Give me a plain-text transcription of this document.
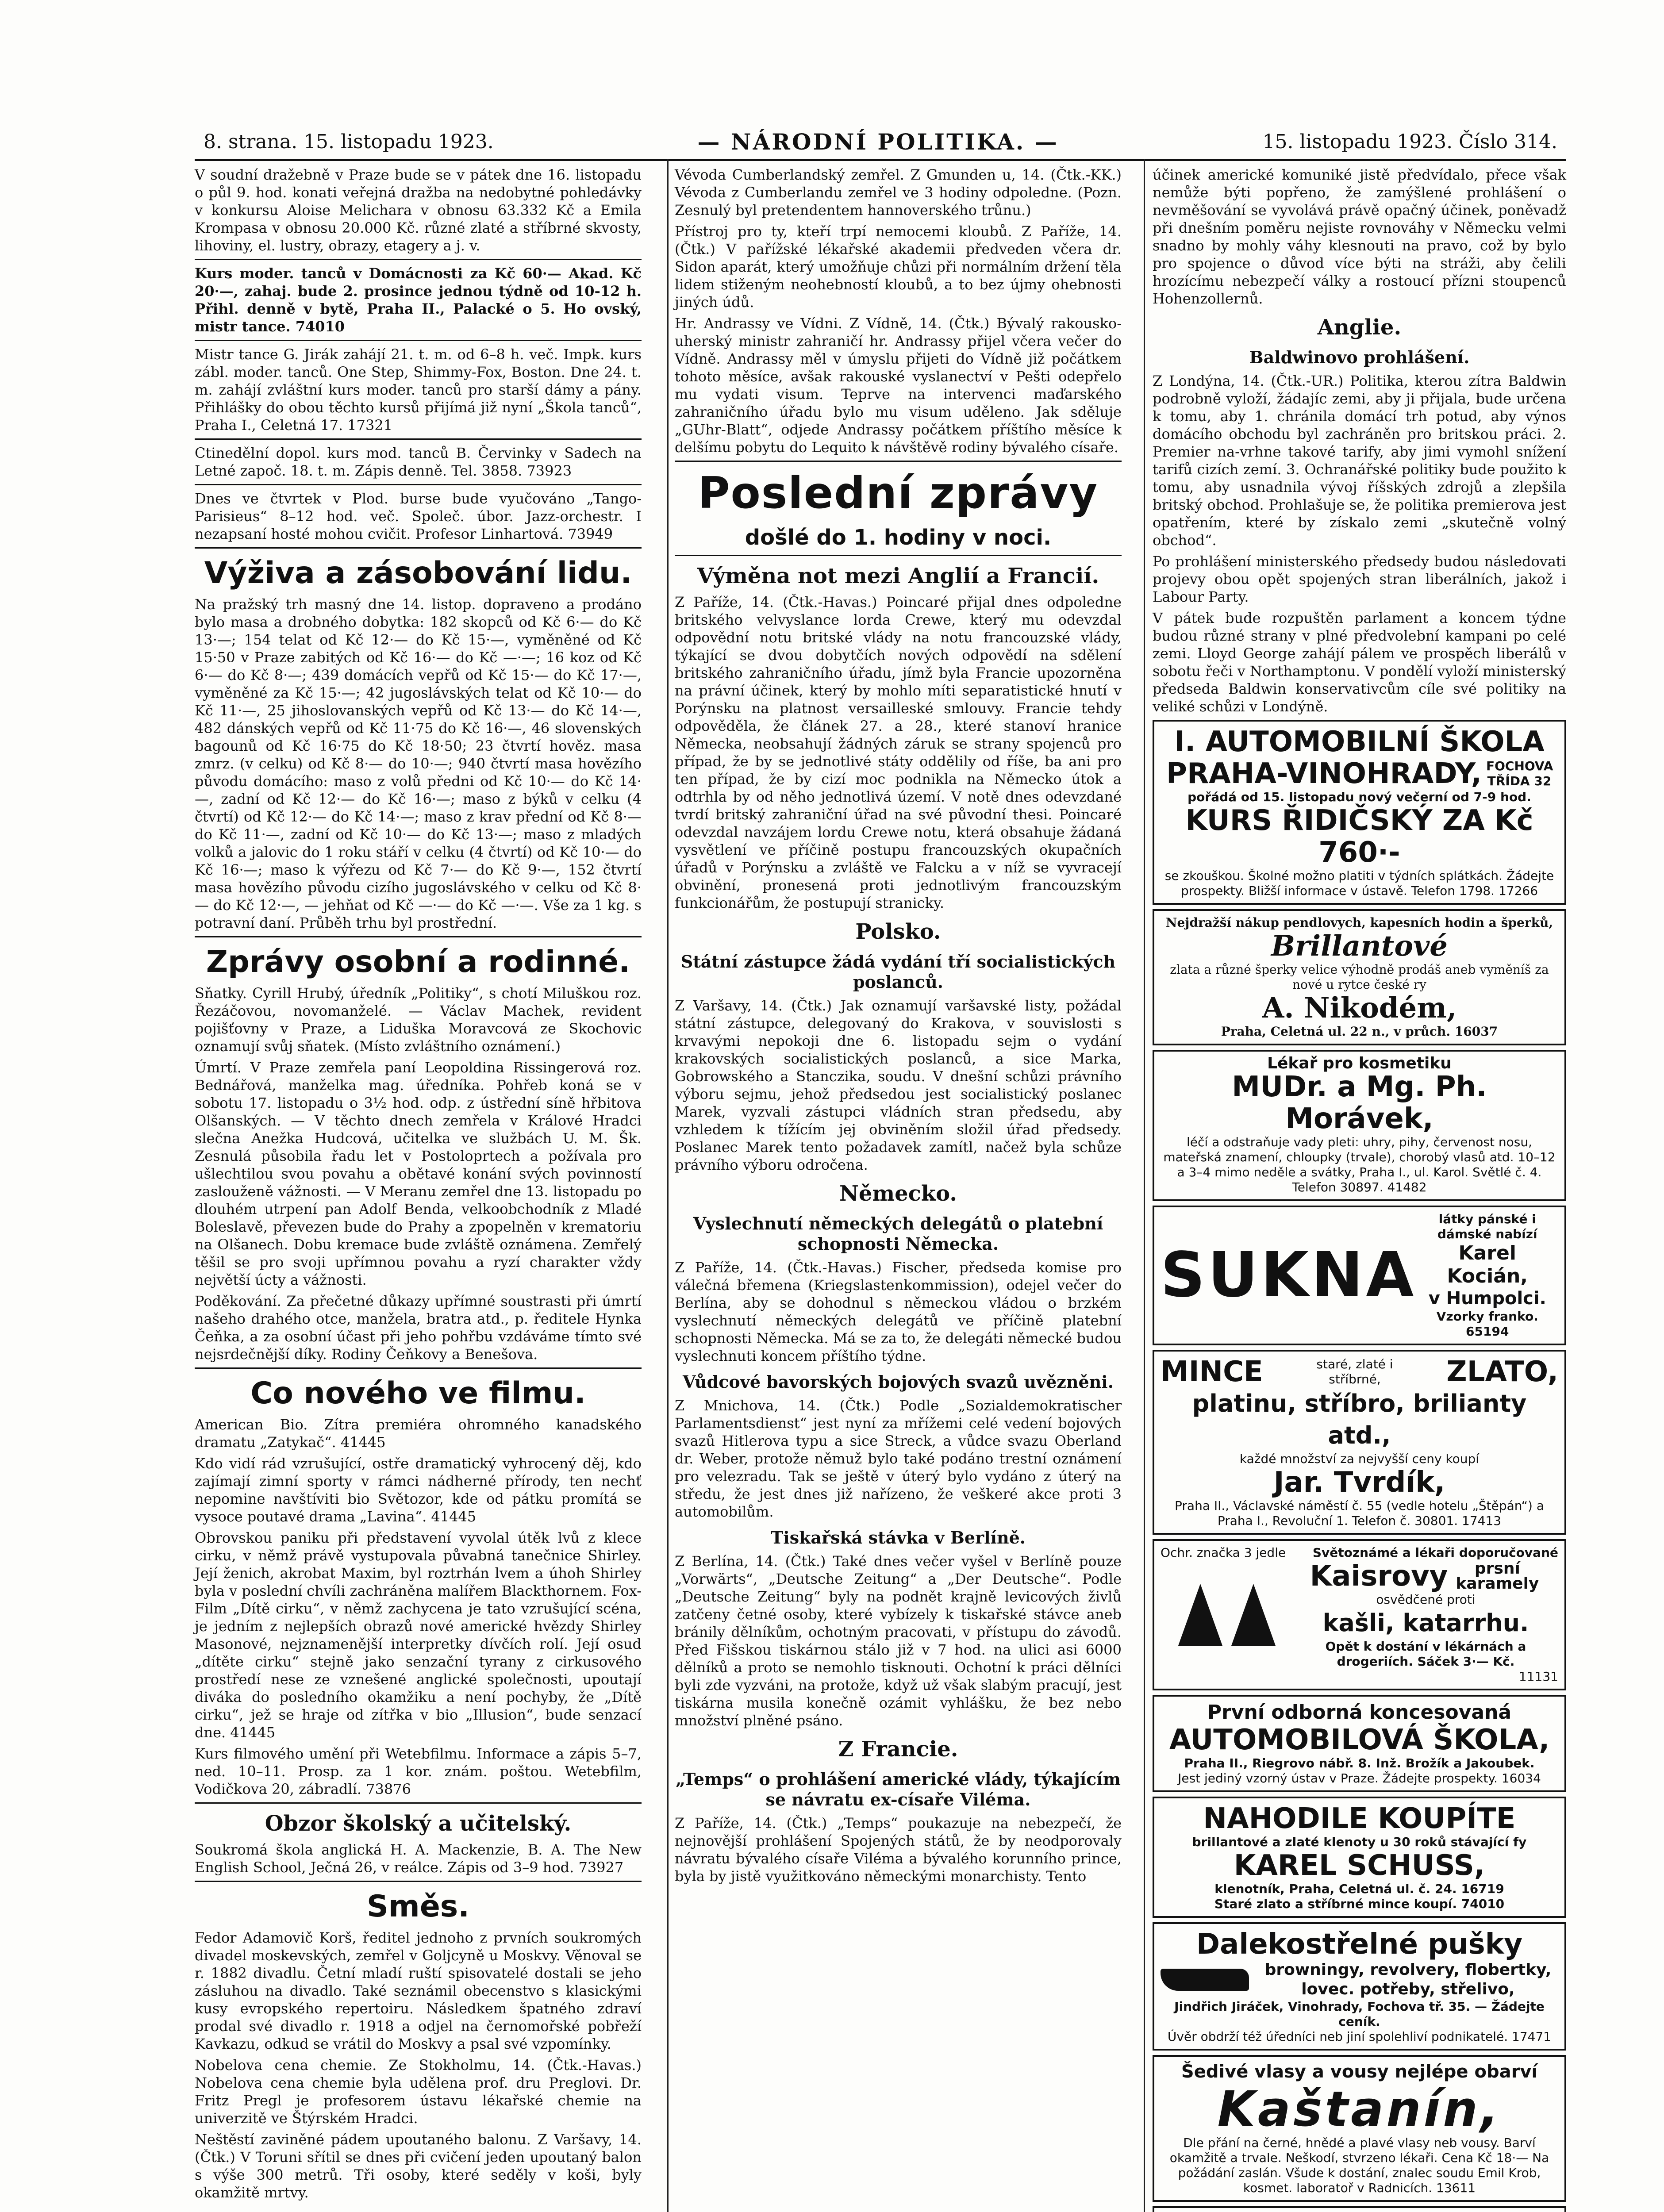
8. strana. 15. listopadu 1923.	— NÁRODNÍ POLITIKA. —	15. listopadu 1923. Číslo 314.

V soudní dražebně v Praze bude se v pátek dne 16. listopadu o půl 9. hod. konati veřejná dražba na nedobytné pohledávky v konkursu Aloise Melichara v obnosu 63.332 Kč a Emila Krompasa v obnosu 20.000 Kč. různé zlaté a stříbrné skvosty, lihoviny, el. lustry, obrazy, etagery a j. v.

Kurs moder. tanců v Domácnosti za Kč 60·— Akad. Kč 20·—, zahaj. bude 2. prosince jednou týdně od 10-12 h. Přihl. denně v bytě, Praha II., Palacké o 5. Ho ovský, mistr tance. 74010

Mistr tance G. Jirák zahájí 21. t. m. od 6–8 h. več. Impk. kurs zábl. moder. tanců. One Step, Shimmy-Fox, Boston. Dne 24. t. m. zahájí zvláštní kurs moder. tanců pro starší dámy a pány. Přihlášky do obou těchto kursů přijímá již nyní „Škola tanců“, Praha I., Celetná 17. 17321

Ctinedělní dopol. kurs mod. tanců B. Červinky v Sadech na Letné započ. 18. t. m. Zápis denně. Tel. 3858. 73923

Dnes ve čtvrtek v Plod. burse bude vyučováno „Tango-Parisieus“ 8–12 hod. več. Společ. úbor. Jazz-orchestr. I nezapsaní hosté mohou cvičit. Profesor Linhartová. 73949

Výživa a zásobování lidu.

Na pražský trh masný dne 14. listop. dopraveno a prodáno bylo masa a drobného dobytka: 182 skopců od Kč 6·— do Kč 13·—; 154 telat od Kč 12·— do Kč 15·—, vyměněné od Kč 15·50 v Praze zabitých od Kč 16·— do Kč —·—; 16 koz od Kč 6·— do Kč 8·—; 439 domácích vepřů od Kč 15·— do Kč 17·—, vyměněné za Kč 15·—; 42 jugoslávských telat od Kč 10·— do Kč 11·—, 25 jihoslovanských vepřů od Kč 13·— do Kč 14·—, 482 dánských vepřů od Kč 11·75 do Kč 16·—, 46 slovenských bagounů od Kč 16·75 do Kč 18·50; 23 čtvrtí hověz. masa zmrz. (v celku) od Kč 8·— do 10·—; 940 čtvrtí masa hovězího původu domácího: maso z volů předni od Kč 10·— do Kč 14·—, zadní od Kč 12·— do Kč 16·—; maso z býků v celku (4 čtvrtí) od Kč 12·— do Kč 14·—; maso z krav přední od Kč 8·— do Kč 11·—, zadní od Kč 10·— do Kč 13·—; maso z mladých volků a jalovic do 1 roku stáří v celku (4 čtvrtí) od Kč 10·— do Kč 16·—; maso k výřezu od Kč 7·— do Kč 9·—, 152 čtvrtí masa hovězího původu cizího jugoslávského v celku od Kč 8·— do Kč 12·—, — jehňat od Kč —·— do Kč —·—. Vše za 1 kg. s potravní daní. Průběh trhu byl prostřední.

Zprávy osobní a rodinné.

Sňatky. Cyrill Hrubý, úředník „Politiky“, s chotí Miluškou roz. Řezáčovou, novomanželé. — Václav Machek, revident pojišťovny v Praze, a Liduška Moravcová ze Skochovic oznamují svůj sňatek. (Místo zvláštního oznámení.)

Úmrtí. V Praze zemřela paní Leopoldina Rissingerová roz. Bednářová, manželka mag. úředníka. Pohřeb koná se v sobotu 17. listopadu o 3½ hod. odp. z ústřední síně hřbitova Olšanských. — V těchto dnech zemřela v Králové Hradci slečna Anežka Hudcová, učitelka ve službách U. M. Šk. Zesnulá působila řadu let v Postoloprtech a požívala pro ušlechtilou svou povahu a obětavé konání svých povinností zaslouženě vážnosti. — V Meranu zemřel dne 13. listopadu po dlouhém utrpení pan Adolf Benda, velkoobchodník z Mladé Boleslavě, převezen bude do Prahy a zpopelněn v krematoriu na Olšanech. Dobu kremace bude zvláště oznámena. Zemřelý těšil se pro svoji upřímnou povahu a ryzí charakter vždy největší úcty a vážnosti.

Poděkování. Za přečetné důkazy upřímné soustrasti při úmrtí našeho drahého otce, manžela, bratra atd., p. ředitele Hynka Čeňka, a za osobní účast při jeho pohřbu vzdáváme tímto své nejsrdečnější díky. Rodiny Čeňkovy a Benešova.

Co nového ve filmu.

American Bio. Zítra premiéra ohromného kanadského dramatu „Zatykač“. 41445

Kdo vidí rád vzrušující, ostře dramatický vyhrocený děj, kdo zajímají zimní sporty v rámci nádherné přírody, ten nechť nepomine navštíviti bio Světozor, kde od pátku promítá se vysoce poutavé drama „Lavina“. 41445

Obrovskou paniku při představení vyvolal útěk lvů z klece cirku, v němž právě vystupovala půvabná tanečnice Shirley. Její ženich, akrobat Maxim, byl roztrhán lvem a úhoh Shirley byla v poslední chvíli zachráněna malířem Blackthornem. Fox-Film „Dítě cirku“, v němž zachycena je tato vzrušující scéna, je jedním z nejlepších obrazů nové americké hvězdy Shirley Masonové, nejznamenější interpretky dívčích rolí. Její osud „dítěte cirku“ stejně jako senzační tyrany z cirkusového prostředí nese ze vznešené anglické společnosti, upoutají diváka do posledního okamžiku a není pochyby, že „Dítě cirku“, jež se hraje od zítřka v bio „Illusion“, bude senzací dne. 41445

Kurs filmového umění při Wetebfilmu. Informace a zápis 5–7, ned. 10–11. Prosp. za 1 kor. znám. poštou. Wetebfilm, Vodičkova 20, zábradlí. 73876

Obzor školský a učitelský.

Soukromá škola anglická H. A. Mackenzie, B. A. The New English School, Ječná 26, v reálce. Zápis od 3–9 hod. 73927

Směs.

Fedor Adamovič Korš, ředitel jednoho z prvních soukromých divadel moskevských, zemřel v Goljcyně u Moskvy. Věnoval se r. 1882 divadlu. Četní mladí ruští spisovatelé dostali se jeho zásluhou na divadlo. Také seznámil obecenstvo s klasickými kusy evropského repertoiru. Následkem špatného zdraví prodal své divadlo r. 1918 a odjel na černomořské pobřeží Kavkazu, odkud se vrátil do Moskvy a psal své vzpomínky.

Nobelova cena chemie. Ze Stokholmu, 14. (Čtk.-Havas.) Nobelova cena chemie byla udělena prof. dru Preglovi. Dr. Fritz Pregl je profesorem ústavu lékařské chemie na univerzitě ve Štýrském Hradci.

Neštěstí zaviněné pádem upoutaného balonu. Z Varšavy, 14. (Čtk.) V Toruni sřítil se dnes při cvičení jeden upoutaný balon s výše 300 metrů. Tři osoby, které seděly v koši, byly okamžitě mrtvy.

Vévoda Cumberlandský zemřel. Z Gmunden u, 14. (Čtk.-KK.) Vévoda z Cumberlandu zemřel ve 3 hodiny odpoledne. (Pozn. Zesnulý byl pretendentem hannoverského trůnu.)

Přístroj pro ty, kteří trpí nemocemi kloubů. Z Paříže, 14. (Čtk.) V pařížské lékařské akademii předveden včera dr. Sidon aparát, který umožňuje chůzi při normálním držení těla lidem stiženým neohebností kloubů, a to bez újmy ohebnosti jiných údů.

Hr. Andrassy ve Vídni. Z Vídně, 14. (Čtk.) Bývalý rakousko-uherský ministr zahraničí hr. Andrassy přijel včera večer do Vídně. Andrassy měl v úmyslu přijeti do Vídně již počátkem tohoto měsíce, avšak rakouské vyslanectví v Pešti odepřelo mu vydati visum. Teprve na intervenci maďarského zahraničního úřadu bylo mu visum uděleno. Jak sděluje „GUhr-Blatt“, odjede Andrassy počátkem příštího měsíce k delšímu pobytu do Lequito k návštěvě rodiny bývalého císaře.

Poslední zprávy
došlé do 1. hodiny v noci.
Výměna not mezi Anglií a Francií.

Z Paříže, 14. (Čtk.-Havas.) Poincaré přijal dnes odpoledne britského velvyslance lorda Crewe, který mu odevzdal odpovědní notu britské vlády na notu francouzské vlády, týkající se dvou dobytčích nových odpovědí na sdělení britského zahraničního úřadu, jímž byla Francie upozorněna na právní účinek, který by mohlo míti separatistické hnutí v Porýnsku na platnost versailleské smlouvy. Francie tehdy odpověděla, že článek 27. a 28., které stanoví hranice Německa, neobsahují žádných záruk se strany spojenců pro případ, že by se jednotlivé státy oddělily od říše, ba ani pro ten případ, že by cizí moc podnikla na Německo útok a odtrhla by od něho jednotlivá území. V notě dnes odevzdané tvrdí britský zahraniční úřad na své původní thesi. Poincaré odevzdal navzájem lordu Crewe notu, která obsahuje žádaná vysvětlení ve příčině postupu francouzských okupačních úřadů v Porýnsku a zvláště ve Falcku a v níž se vyvracejí obvinění, pronesená proti jednotlivým francouzským funkcionářům, že postupují stranicky.

Polsko.
Státní zástupce žádá vydání tří socialistických poslanců.

Z Varšavy, 14. (Čtk.) Jak oznamují varšavské listy, požádal státní zástupce, delegovaný do Krakova, v souvislosti s krvavými nepokoji dne 6. listopadu sejm o vydání krakovských socialistických poslanců, a sice Marka, Gobrowského a Stanczika, soudu. V dnešní schůzi právního výboru sejmu, jehož předsedou jest socialistický poslanec Marek, vyzvali zástupci vládních stran předsedu, aby vzhledem k tížícím jej obviněním složil úřad předsedy. Poslanec Marek tento požadavek zamítl, načež byla schůze právního výboru odročena.

Německo.
Vyslechnutí německých delegátů o platební schopnosti Německa.

Z Paříže, 14. (Čtk.-Havas.) Fischer, předseda komise pro válečná břemena (Kriegslastenkommission), odejel večer do Berlína, aby se dohodnul s německou vládou o brzkém vyslechnutí německých delegátů ve příčině platební schopnosti Německa. Má se za to, že delegáti německé budou vyslechnuti koncem příštího týdne.

Vůdcové bavorských bojových svazů uvězněni.

Z Mnichova, 14. (Čtk.) Podle „Sozialdemokratischer Parlamentsdienst“ jest nyní za mřížemi celé vedení bojových svazů Hitlerova typu a sice Streck, a vůdce svazu Oberland dr. Weber, protože němuž bylo také podáno trestní oznámení pro velezradu. Tak se ještě v úterý bylo vydáno z úterý na středu, že jest dnes již nařízeno, že veškeré akce proti 3 automobilům.

Tiskařská stávka v Berlíně.

Z Berlína, 14. (Čtk.) Také dnes večer vyšel v Berlíně pouze „Vorwärts“, „Deutsche Zeitung“ a „Der Deutsche“. Podle „Deutsche Zeitung“ byly na podnět krajně levicových živlů zatčeny četné osoby, které vybízely k tiskařské stávce aneb bránily dělníkům, ochotným pracovati, v přístupu do závodů. Před Fišskou tiskárnou stálo již v 7 hod. na ulici asi 6000 dělníků a proto se nemohlo tisknouti. Ochotní k práci dělníci byli zde vyzváni, na protože, když už však slabým pracují, jest tiskárna musila konečně ozámit vyhlášku, že bez nebo množství plněné psáno.

Z Francie.
„Temps“ o prohlášení americké vlády, týkajícím se návratu ex-císaře Viléma.

Z Paříže, 14. (Čtk.) „Temps“ poukazuje na nebezpečí, že nejnovější prohlášení Spojených států, že by neodporovaly návratu bývalého císaře Viléma a bývalého korunního prince, byla by jistě využitkováno německými monarchisty. Tento

účinek americké komuniké jistě předvídalo, přece však nemůže býti popřeno, že zamýšlené prohlášení o nevměšování se vyvolává právě opačný účinek, poněvadž při dnešním poměru nejiste rovnováhy v Německu velmi snadno by mohly váhy klesnouti na pravo, což by bylo pro spojence o důvod více býti na stráži, aby čelili hrozícímu nebezpečí války a rostoucí přízni stoupenců Hohenzollernů.

Anglie.
Baldwinovo prohlášení.

Z Londýna, 14. (Čtk.-UR.) Politika, kterou zítra Baldwin podrobně vyloží, žádajíc zemi, aby ji přijala, bude určena k tomu, aby 1. chránila domácí trh potud, aby výnos domácího obchodu byl zachráněn pro britskou práci. 2. Premier na-vrhne takové tarify, aby jimi vymohl snížení tarifů cizích zemí. 3. Ochranářské politiky bude použito k tomu, aby usnadnila vývoj říšských zdrojů a zlepšila britský obchod. Prohlašuje se, že politika premierova jest opatřením, které by získalo zemi „skutečně volný obchod“.

Po prohlášení ministerského předsedy budou následovati projevy obou opět spojených stran liberálních, jakož i Labour Party.

V pátek bude rozpuštěn parlament a koncem týdne budou různé strany v plné předvolební kampani po celé zemi. Lloyd George zahájí pálem ve prospěch liberálů v sobotu řeči v Northamptonu. V pondělí vyloží ministerský předseda Baldwin konservativcům cíle své politiky na veliké schůzi v Londýně.

I. AUTOMOBILNÍ ŠKOLA
PRAHA-VINOHRADY, FOCHOVA TŘÍDA 32
pořádá od 15. listopadu nový večerní od 7-9 hod.
KURS ŘIDIČSKÝ ZA Kč 760·-
se zkouškou. Školné možno platiti v týdních splátkách. Žádejte prospekty. Bližší informace v ústavě. Telefon 1798. 17266
Nejdražší nákup pendlovych, kapesních hodin a šperků,
Brillantové
zlata a různé šperky velice výhodně prodáš aneb vyměníš za nové u rytce české ry
A. Nikodém,
Praha, Celetná ul. 22 n., v průch. 16037
Lékař pro kosmetiku
MUDr. a Mg. Ph. Morávek,
léčí a odstraňuje vady pleti: uhry, pihy, červenost nosu, mateřská znamení, chloupky (trvale), chorobý vlasů atd. 10–12 a 3–4 mimo neděle a svátky, Praha I., ul. Karol. Světlé č. 4. Telefon 30897. 41482
SUKNA
látky pánské i dámské nabízí
Karel Kocián,
v Humpolci.
Vzorky franko. 65194
MINCE	staré, zlaté i stříbrné,	ZLATO,
platinu, stříbro, brilianty atd.,
každé množství za nejvyšší ceny koupí
Jar. Tvrdík,
Praha II., Václavské náměstí č. 55 (vedle hotelu „Štěpán“) a Praha I., Revoluční 1. Telefon č. 30801. 17413
Ochr. značka 3 jedle Světoznámé a lékaři doporučované
Kaisrovy	prsní karamely
osvědčené proti
kašli, katarrhu.
Opět k dostání v lékárnách a drogeriích. Sáček 3·— Kč.
11131
První odborná koncesovaná
AUTOMOBILOVÁ ŠKOLA,
Praha II., Riegrovo nábř. 8. Inž. Brožík a Jakoubek.
Jest jediný vzorný ústav v Praze. Žádejte prospekty. 16034
NAHODILE KOUPÍTE
brillantové a zlaté klenoty u 30 roků stávající fy
KAREL SCHUSS,
klenotník, Praha, Celetná ul. č. 24. 16719
Staré zlato a stříbrné mince koupí. 74010
Dalekostřelné pušky
browningy, revolvery, flobertky, lovec. potřeby, střelivo,
Jindřich Jiráček, Vinohrady, Fochova tř. 35. — Žádejte ceník.
Úvěr obdrží též úředníci neb jiní spolehliví podnikatelé. 17471
Šedivé vlasy a vousy nejlépe obarví
Kaštanín,
Dle přání na černé, hnědé a plavé vlasy neb vousy. Barví okamžitě a trvale. Neškodí, stvrzeno lékaři. Cena Kč 18·— Na požádání zaslán. Všude k dostání, znalec soudu Emil Krob, kosmet. laboratoř v Radnicích. 13611
